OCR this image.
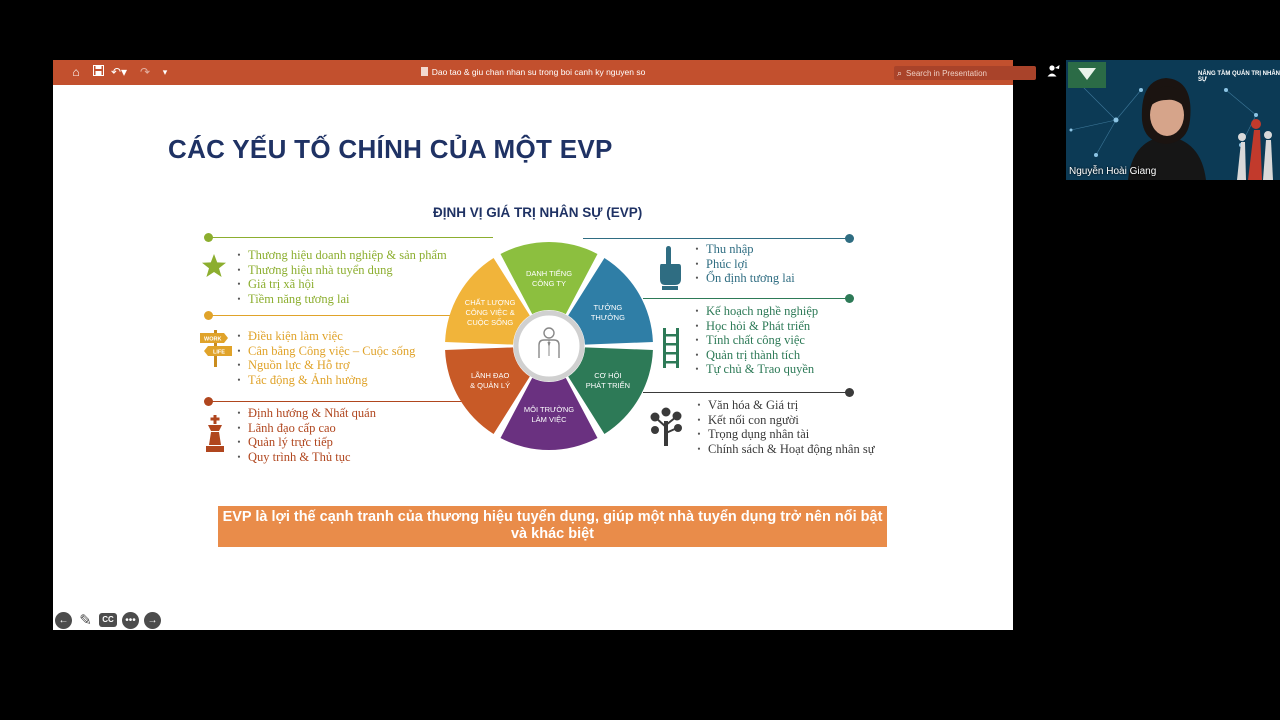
⌂	↶▾ ↷	▾	Dao tao & giu chan nhan su trong boi canh ky nguyen so	⌕
Search in Presentation
CÁC YẾU TỐ CHÍNH CỦA MỘT EVP
ĐỊNH VỊ GIÁ TRỊ NHÂN SỰ (EVP)
DANH TIẾNG
CÔNG TY
TƯỞNG
THƯỞNG
CƠ HỘI
PHÁT TRIỂN
MÔI TRƯỜNG
LÀM VIỆC
LÃNH ĐẠO
& QUẢN LÝ
CHẤT LƯỢNG
CÔNG VIỆC &
CUỘC SỐNG
WORK
LIFE
• Thương hiệu doanh nghiệp & sản phẩm
• Thương hiệu nhà tuyển dụng
• Giá trị xã hội
• Tiềm năng tương lai
• Điều kiện làm việc
• Cân bằng Công việc – Cuộc sống
• Nguồn lực & Hỗ trợ
• Tác động & Ảnh hưởng
• Định hướng & Nhất quán
• Lãnh đạo cấp cao
• Quản lý trực tiếp
• Quy trình & Thủ tục
• Thu nhập
• Phúc lợi
• Ổn định tương lai
• Kế hoạch nghề nghiệp
• Học hỏi & Phát triển
• Tính chất công việc
• Quản trị thành tích
• Tự chủ & Trao quyền
• Văn hóa & Giá trị
• Kết nối con người
• Trọng dụng nhân tài
• Chính sách & Hoạt động nhân sự
EVP là lợi thế cạnh tranh của thương hiệu tuyển dụng, giúp một nhà tuyển dụng trở nên nổi bật và khác biệt
← ✎	CC	•••	→
NÂNG TẦM QUẢN TRỊ NHÂN SỰ
Nguyễn Hoài Giang
